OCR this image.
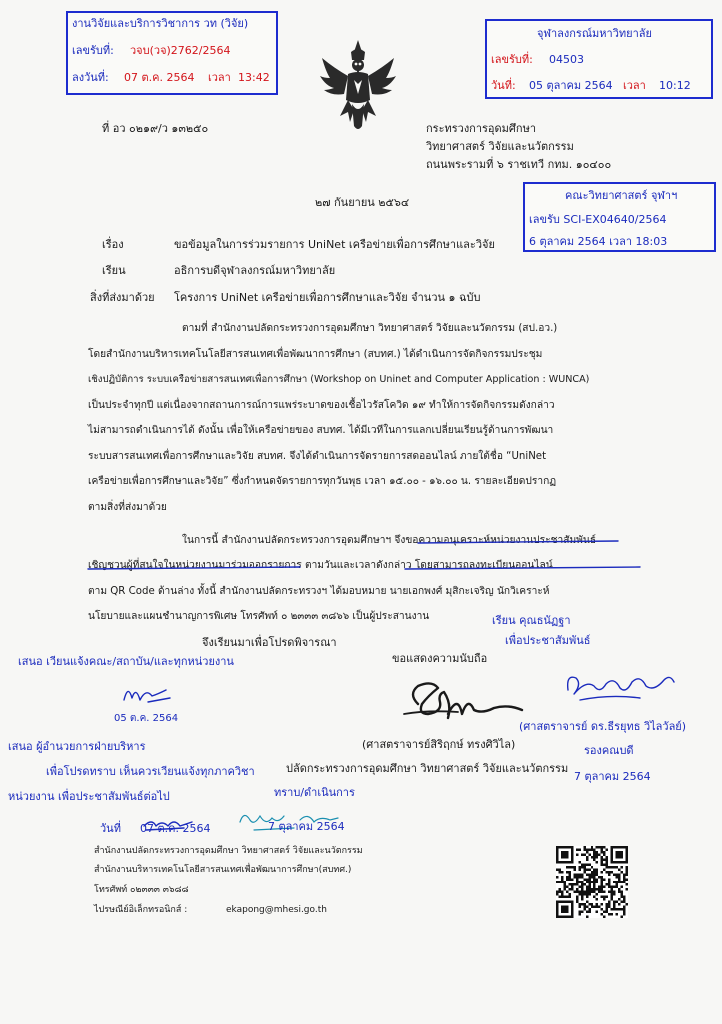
งานวิจัยและบริการวิชาการ วท (วิจัย)
เลขรับที่: วจบ(วจ)2762/2564
ลงวันที่: 07 ต.ค. 2564 เวลา 13:42
จุฬาลงกรณ์มหาวิทยาลัย
เลขรับที่: 04503
วันที่: 05 ตุลาคม 2564 เวลา 10:12
ที่ อว ๐๒๑๙/ว ๑๓๒๕๐	กระทรวงการอุดมศึกษา
วิทยาศาสตร์ วิจัยและนวัตกรรม
ถนนพระรามที่ ๖ ราชเทวี กทม. ๑๐๔๐๐
คณะวิทยาศาสตร์ จุฬาฯ
เลขรับ SCI-EX04640/2564
6 ตุลาคม 2564 เวลา 18:03
๒๗ กันยายน ๒๕๖๔
เรื่อง	ขอข้อมูลในการร่วมรายการ UniNet เครือข่ายเพื่อการศึกษาและวิจัย
เรียน	อธิการบดีจุฬาลงกรณ์มหาวิทยาลัย
สิ่งที่ส่งมาด้วย โครงการ UniNet เครือข่ายเพื่อการศึกษาและวิจัย จำนวน ๑ ฉบับ
ตามที่ สำนักงานปลัดกระทรวงการอุดมศึกษา วิทยาศาสตร์ วิจัยและนวัตกรรม (สป.อว.)
โดยสำนักงานบริหารเทคโนโลยีสารสนเทศเพื่อพัฒนาการศึกษา (สบทศ.) ได้ดำเนินการจัดกิจกรรมประชุม
เชิงปฏิบัติการ ระบบเครือข่ายสารสนเทศเพื่อการศึกษา (Workshop on Uninet and Computer Application : WUNCA)
เป็นประจำทุกปี แต่เนื่องจากสถานการณ์การแพร่ระบาดของเชื้อไวรัสโควิด ๑๙ ทำให้การจัดกิจกรรมดังกล่าว
ไม่สามารถดำเนินการได้ ดังนั้น เพื่อให้เครือข่ายของ สบทศ. ได้มีเวทีในการแลกเปลี่ยนเรียนรู้ด้านการพัฒนา
ระบบสารสนเทศเพื่อการศึกษาและวิจัย สบทศ. จึงได้ดำเนินการจัดรายการสดออนไลน์ ภายใต้ชื่อ “UniNet
เครือข่ายเพื่อการศึกษาและวิจัย” ซึ่งกำหนดจัดรายการทุกวันพุธ เวลา ๑๕.๐๐ - ๑๖.๐๐ น. รายละเอียดปรากฏ
ตามสิ่งที่ส่งมาด้วย
ในการนี้ สำนักงานปลัดกระทรวงการอุดมศึกษาฯ จึงขอความอนุเคราะห์หน่วยงานประชาสัมพันธ์
เชิญชวนผู้ที่สนใจในหน่วยงานมาร่วมออกรายการ ตามวันและเวลาดังกล่าว โดยสามารถลงทะเบียนออนไลน์
ตาม QR Code ด้านล่าง ทั้งนี้ สำนักงานปลัดกระทรวงฯ ได้มอบหมาย นายเอกพงศ์ มุสิกะเจริญ นักวิเคราะห์
นโยบายและแผนชำนาญการพิเศษ โทรศัพท์ ๐ ๒๓๓๓ ๓๘๖๖ เป็นผู้ประสานงาน
จึงเรียนมาเพื่อโปรดพิจารณา
เรียน คุณธนัฏฐา
เพื่อประชาสัมพันธ์
เสนอ เวียนแจ้งคณะ/สถาบัน/และทุกหน่วยงาน	ขอแสดงความนับถือ
05 ต.ค. 2564
(ศาสตราจารย์ ดร.ธีรยุทธ วิไลวัลย์)
เสนอ ผู้อำนวยการฝ่ายบริหาร	(ศาสตราจารย์สิริฤกษ์ ทรงศิวิไล)	รองคณบดี
เพื่อโปรดทราบ เห็นควรเวียนแจ้งทุกภาควิชา	ปลัดกระทรวงการอุดมศึกษา วิทยาศาสตร์ วิจัยและนวัตกรรม
7 ตุลาคม 2564
หน่วยงาน เพื่อประชาสัมพันธ์ต่อไป	ทราบ/ดำเนินการ
วันที่ 07 ต.ค. 2564	7 ตุลาคม 2564
สำนักงานปลัดกระทรวงการอุดมศึกษา วิทยาศาสตร์ วิจัยและนวัตกรรม
สำนักงานบริหารเทคโนโลยีสารสนเทศเพื่อพัฒนาการศึกษา(สบทศ.)
โทรศัพท์ ๐๒๓๓๓ ๓๖๘๘
ไปรษณีย์อิเล็กทรอนิกส์ :	ekapong@mhesi.go.th
